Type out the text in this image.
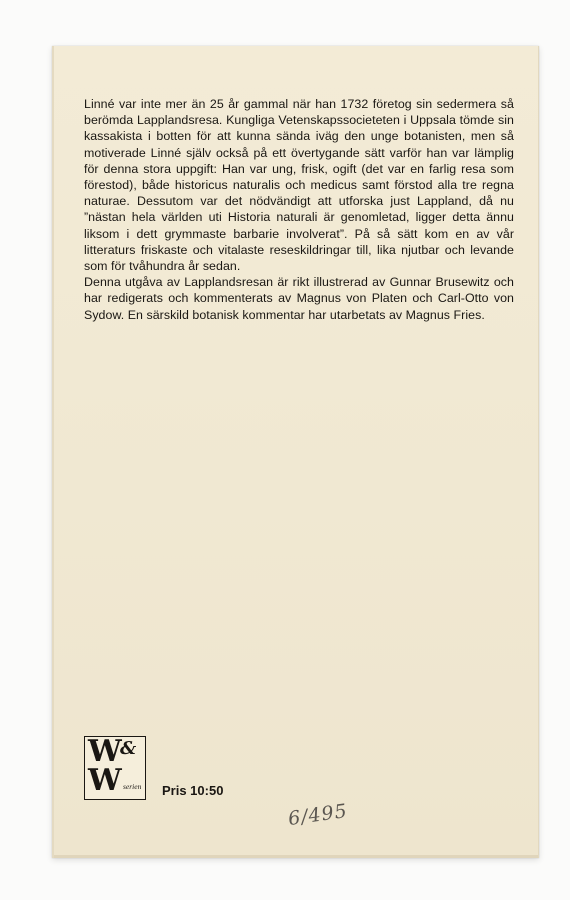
Linné var inte mer än 25 år gammal när han 1732 företog sin sedermera så berömda Lapplandsresa. Kungliga Vetenskapssocieteten i Uppsala tömde sin kassakista i botten för att kunna sända iväg den unge botanisten, men så motiverade Linné själv också på ett övertygande sätt varför han var lämplig för denna stora uppgift: Han var ung, frisk, ogift (det var en farlig resa som förestod), både historicus naturalis och medicus samt förstod alla tre regna naturae. Dessutom var det nödvändigt att utforska just Lappland, då nu ”nästan hela världen uti Historia naturali är genomletad, ligger detta ännu liksom i dett grymmaste barbarie involverat”. På så sätt kom en av vår litteraturs friskaste och vitalaste reseskildringar till, lika njutbar och levande som för tvåhundra år sedan.

Denna utgåva av Lapplandsresan är rikt illustrerad av Gunnar Brusewitz och har redigerats och kommenterats av Magnus von Platen och Carl-Otto von Sydow. En särskild botanisk kommentar har utarbetats av Magnus Fries.

W
&
W serien Pris 10:50
6/495
